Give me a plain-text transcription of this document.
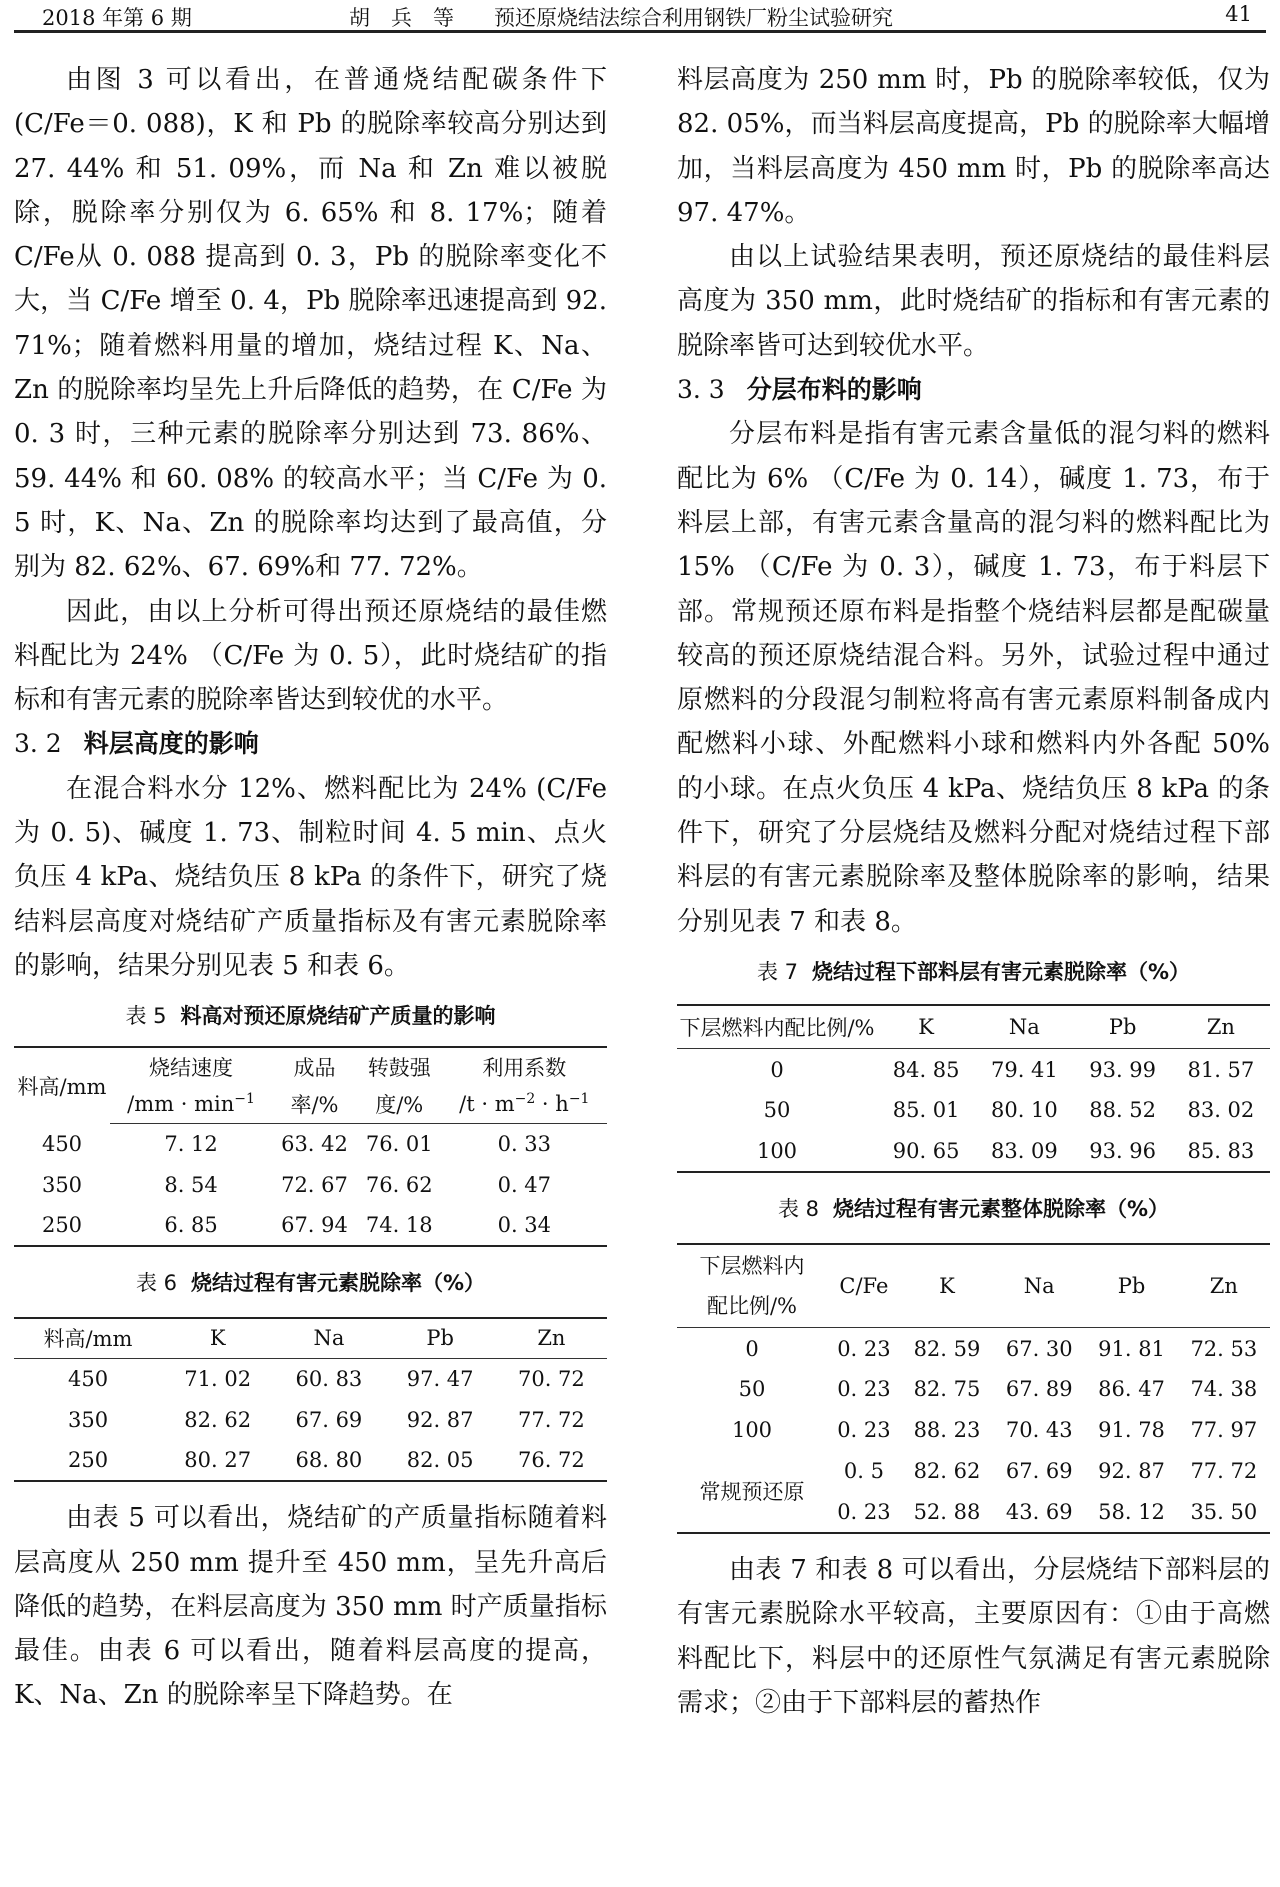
2018 年第 6 期	胡　兵　等 预还原烧结法综合利用钢铁厂粉尘试验研究	41

由图 3 可以看出，在普通烧结配碳条件下(C/Fe＝0. 088)，K 和 Pb 的脱除率较高分别达到 27. 44% 和 51. 09%，而 Na 和 Zn 难以被脱除，脱除率分别仅为 6. 65% 和 8. 17%；随着 C/Fe从 0. 088 提高到 0. 3，Pb 的脱除率变化不大，当 C/Fe 增至 0. 4，Pb 脱除率迅速提高到 92. 71%；随着燃料用量的增加，烧结过程 K、Na、Zn 的脱除率均呈先上升后降低的趋势，在 C/Fe 为 0. 3 时，三种元素的脱除率分别达到 73. 86%、59. 44% 和 60. 08% 的较高水平；当 C/Fe 为 0. 5 时，K、Na、Zn 的脱除率均达到了最高值，分别为 82. 62%、67. 69%和 77. 72%。

因此，由以上分析可得出预还原烧结的最佳燃料配比为 24% （C/Fe 为 0. 5），此时烧结矿的指标和有害元素的脱除率皆达到较优的水平。

3. 2 料层高度的影响

在混合料水分 12%、燃料配比为 24% (C/Fe为 0. 5)、碱度 1. 73、制粒时间 4. 5 min、点火负压 4 kPa、烧结负压 8 kPa 的条件下，研究了烧结料层高度对烧结矿产质量指标及有害元素脱除率的影响，结果分别见表 5 和表 6。

表 5 料高对预还原烧结矿产质量的影响

料高/mm	烧结速度	成品	转鼓强	利用系数
	$/mm \cdot \min^{-1}$	率/%	度/%	$/t \cdot m^{-2} \cdot h^{-1}$
450	7. 12	63. 42	76. 01	0. 33
350	8. 54	72. 67	76. 62	0. 47
250	6. 85	67. 94	74. 18	0. 34

表 6 烧结过程有害元素脱除率（%）

料高/mm	K	Na	Pb	Zn
450	71. 02	60. 83	97. 47	70. 72
350	82. 62	67. 69	92. 87	77. 72
250	80. 27	68. 80	82. 05	76. 72

由表 5 可以看出，烧结矿的产质量指标随着料层高度从 250 mm 提升至 450 mm，呈先升高后降低的趋势，在料层高度为 350 mm 时产质量指标最佳。由表 6 可以看出，随着料层高度的提高，K、Na、Zn 的脱除率呈下降趋势。在

料层高度为 250 mm 时，Pb 的脱除率较低，仅为 82. 05%，而当料层高度提高，Pb 的脱除率大幅增加，当料层高度为 450 mm 时，Pb 的脱除率高达 97. 47%。

由以上试验结果表明，预还原烧结的最佳料层高度为 350 mm，此时烧结矿的指标和有害元素的脱除率皆可达到较优水平。

3. 3 分层布料的影响

分层布料是指有害元素含量低的混匀料的燃料配比为 6% （C/Fe 为 0. 14），碱度 1. 73，布于料层上部，有害元素含量高的混匀料的燃料配比为 15% （C/Fe 为 0. 3），碱度 1. 73，布于料层下部。常规预还原布料是指整个烧结料层都是配碳量较高的预还原烧结混合料。另外，试验过程中通过原燃料的分段混匀制粒将高有害元素原料制备成内配燃料小球、外配燃料小球和燃料内外各配 50% 的小球。在点火负压 4 kPa、烧结负压 8 kPa 的条件下，研究了分层烧结及燃料分配对烧结过程下部料层的有害元素脱除率及整体脱除率的影响，结果分别见表 7 和表 8。

表 7 烧结过程下部料层有害元素脱除率（%）

下层燃料内配比例/%	K	Na	Pb	Zn
0	84. 85	79. 41	93. 99	81. 57
50	85. 01	80. 10	88. 52	83. 02
100	90. 65	83. 09	93. 96	85. 83

表 8 烧结过程有害元素整体脱除率（%）

下层燃料内
配比例/%	C/Fe	K	Na	Pb	Zn
0	0. 23	82. 59	67. 30	91. 81	72. 53
50	0. 23	82. 75	67. 89	86. 47	74. 38
100	0. 23	88. 23	70. 43	91. 78	77. 97
常规预还原	0. 5	82. 62	67. 69	92. 87	77. 72
	0. 23	52. 88	43. 69	58. 12	35. 50

由表 7 和表 8 可以看出，分层烧结下部料层的有害元素脱除水平较高，主要原因有：①由于高燃料配比下，料层中的还原性气氛满足有害元素脱除需求；②由于下部料层的蓄热作
